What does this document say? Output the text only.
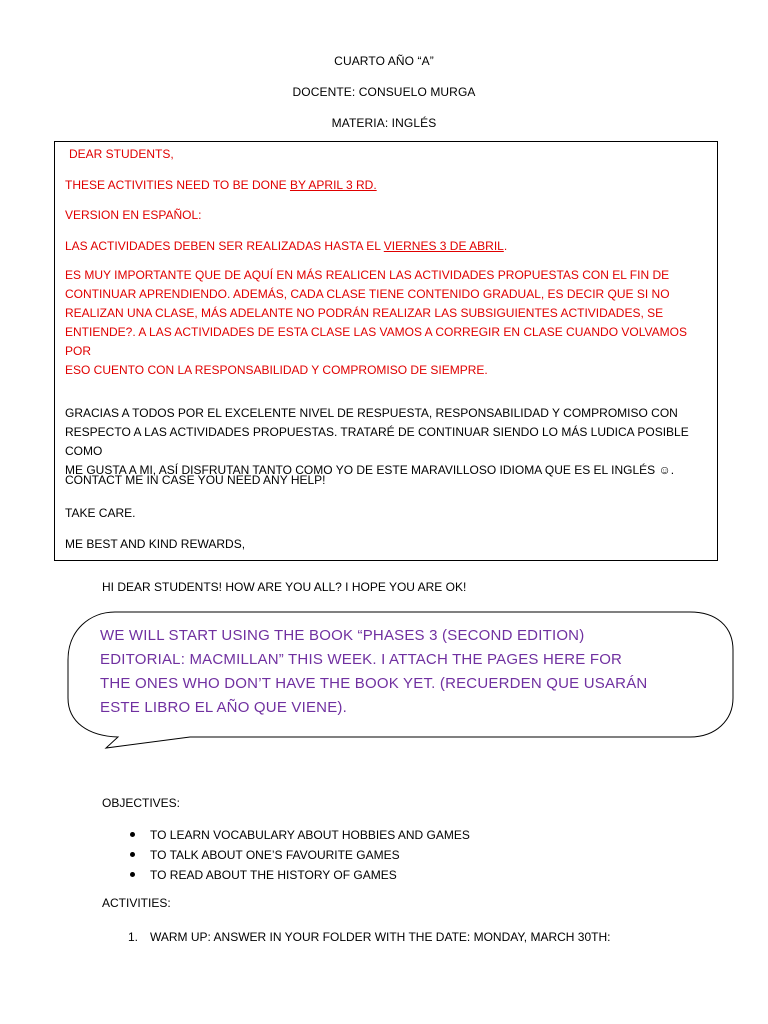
CUARTO AÑO “A”
DOCENTE: CONSUELO MURGA
MATERIA: INGLÉS

DEAR STUDENTS,

THESE ACTIVITIES NEED TO BE DONE BY APRIL 3 RD.

VERSION EN ESPAÑOL:

LAS ACTIVIDADES DEBEN SER REALIZADAS HASTA EL VIERNES 3 DE ABRIL.

ES MUY IMPORTANTE QUE DE AQUÍ EN MÁS REALICEN LAS ACTIVIDADES PROPUESTAS CON EL FIN DE
CONTINUAR APRENDIENDO. ADEMÁS, CADA CLASE TIENE CONTENIDO GRADUAL, ES DECIR QUE SI NO
REALIZAN UNA CLASE, MÁS ADELANTE NO PODRÁN REALIZAR LAS SUBSIGUIENTES ACTIVIDADES, SE
ENTIENDE?. A LAS ACTIVIDADES DE ESTA CLASE LAS VAMOS A CORREGIR EN CLASE CUANDO VOLVAMOS POR
ESO CUENTO CON LA RESPONSABILIDAD Y COMPROMISO DE SIEMPRE.
GRACIAS A TODOS POR EL EXCELENTE NIVEL DE RESPUESTA, RESPONSABILIDAD Y COMPROMISO CON
RESPECTO A LAS ACTIVIDADES PROPUESTAS. TRATARÉ DE CONTINUAR SIENDO LO MÁS LUDICA POSIBLE COMO
ME GUSTA A MI, ASÍ DISFRUTAN TANTO COMO YO DE ESTE MARAVILLOSO IDIOMA QUE ES EL INGLÉS ☺.

CONTACT ME IN CASE YOU NEED ANY HELP!

TAKE CARE.

ME BEST AND KIND REWARDS,

HI DEAR STUDENTS! HOW ARE YOU ALL? I HOPE YOU ARE OK!
WE WILL START USING THE BOOK “PHASES 3 (SECOND EDITION)
EDITORIAL: MACMILLAN” THIS WEEK. I ATTACH THE PAGES HERE FOR
THE ONES WHO DON’T HAVE THE BOOK YET. (RECUERDEN QUE USARÁN
ESTE LIBRO EL AÑO QUE VIENE).
OBJECTIVES:
TO LEARN VOCABULARY ABOUT HOBBIES AND GAMES
TO TALK ABOUT ONE’S FAVOURITE GAMES
TO READ ABOUT THE HISTORY OF GAMES
ACTIVITIES:
1. WARM UP: ANSWER IN YOUR FOLDER WITH THE DATE: MONDAY, MARCH 30TH:
